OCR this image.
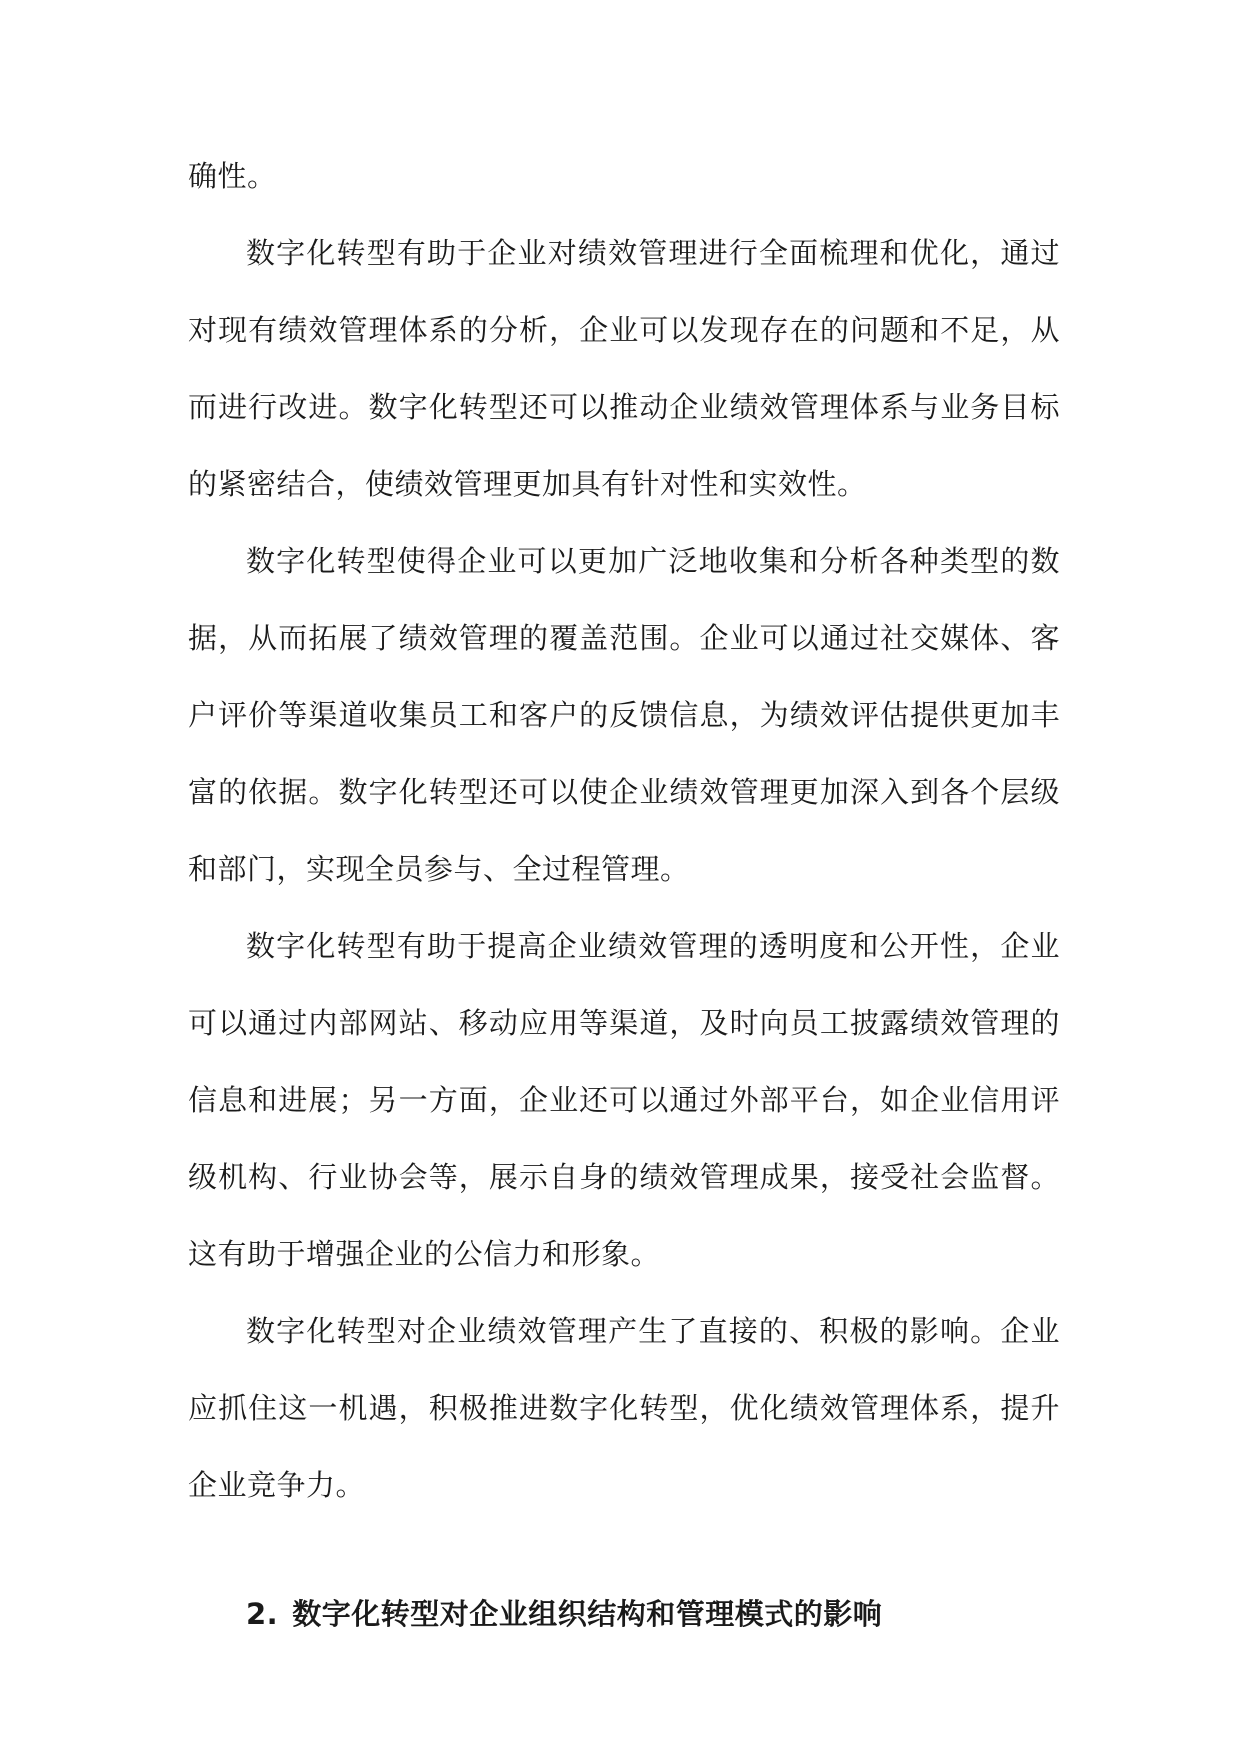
确性。

数字化转型有助于企业对绩效管理进行全面梳理和优化，通过对现有绩效管理体系的分析，企业可以发现存在的问题和不足，从而进行改进。数字化转型还可以推动企业绩效管理体系与业务目标的紧密结合，使绩效管理更加具有针对性和实效性。

数字化转型使得企业可以更加广泛地收集和分析各种类型的数据，从而拓展了绩效管理的覆盖范围。企业可以通过社交媒体、客户评价等渠道收集员工和客户的反馈信息，为绩效评估提供更加丰富的依据。数字化转型还可以使企业绩效管理更加深入到各个层级和部门，实现全员参与、全过程管理。

数字化转型有助于提高企业绩效管理的透明度和公开性，企业可以通过内部网站、移动应用等渠道，及时向员工披露绩效管理的信息和进展；另一方面，企业还可以通过外部平台，如企业信用评级机构、行业协会等，展示自身的绩效管理成果，接受社会监督。这有助于增强企业的公信力和形象。

数字化转型对企业绩效管理产生了直接的、积极的影响。企业应抓住这一机遇，积极推进数字化转型，优化绩效管理体系，提升企业竞争力。

2. 数字化转型对企业组织结构和管理模式的影响
